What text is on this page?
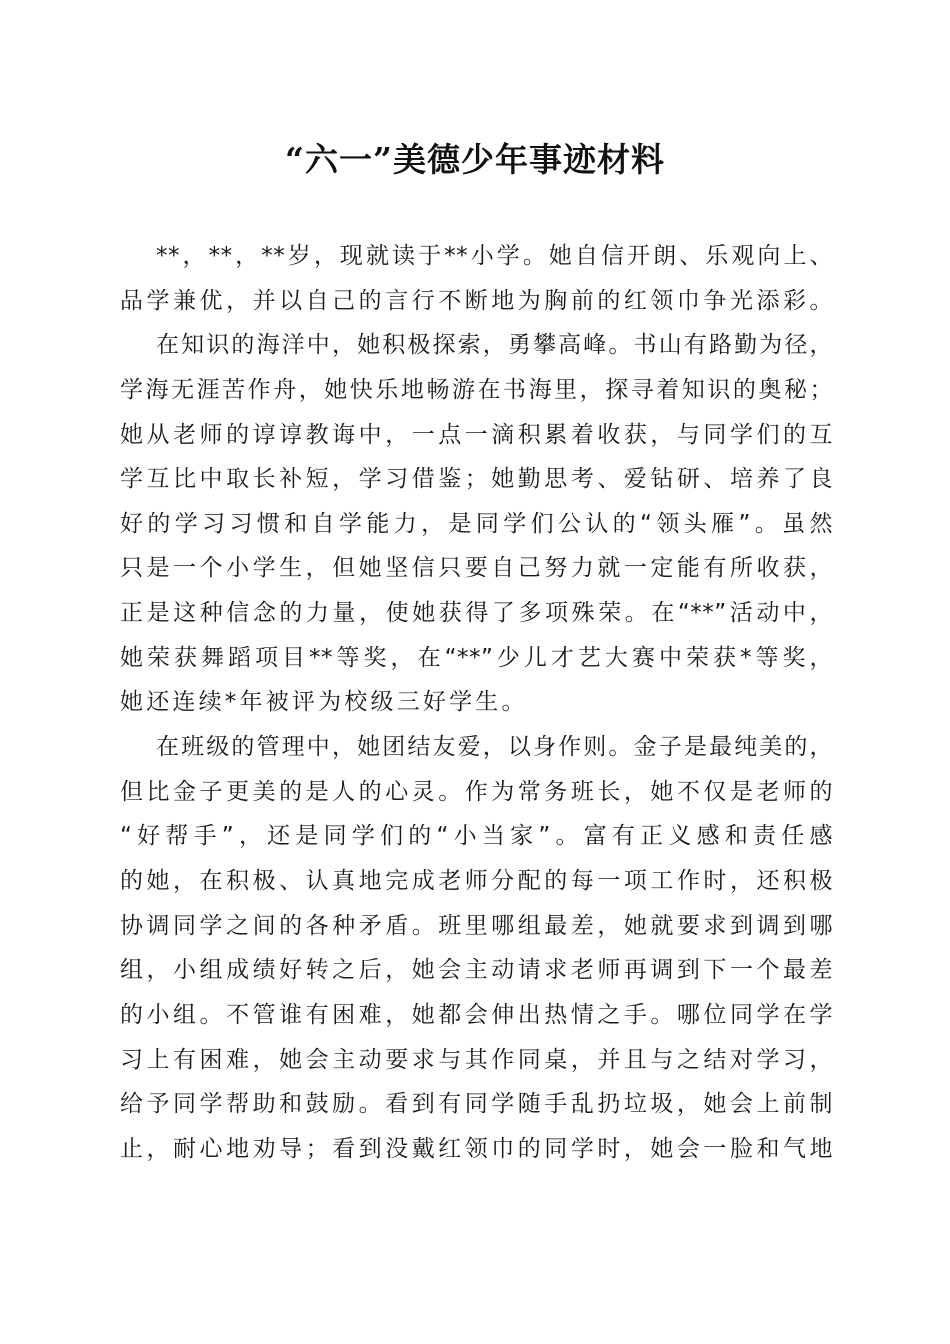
“六一”美德少年事迹材料
**，**，**岁，现就读于**小学。她自信开朗、乐观向上、
品学兼优，并以自己的言行不断地为胸前的红领巾争光添彩。
在知识的海洋中，她积极探索，勇攀高峰。书山有路勤为径，
学海无涯苦作舟，她快乐地畅游在书海里，探寻着知识的奥秘；
她从老师的谆谆教诲中，一点一滴积累着收获，与同学们的互
学互比中取长补短，学习借鉴；她勤思考、爱钻研、培养了良
好的学习习惯和自学能力，是同学们公认的“领头雁”。虽然
只是一个小学生，但她坚信只要自己努力就一定能有所收获，
正是这种信念的力量，使她获得了多项殊荣。在“**”活动中，
她荣获舞蹈项目**等奖，在“**”少儿才艺大赛中荣获*等奖，
她还连续*年被评为校级三好学生。
在班级的管理中，她团结友爱，以身作则。金子是最纯美的，
但比金子更美的是人的心灵。作为常务班长，她不仅是老师的
“好帮手”，还是同学们的“小当家”。富有正义感和责任感
的她，在积极、认真地完成老师分配的每一项工作时，还积极
协调同学之间的各种矛盾。班里哪组最差，她就要求到调到哪
组，小组成绩好转之后，她会主动请求老师再调到下一个最差
的小组。不管谁有困难，她都会伸出热情之手。哪位同学在学
习上有困难，她会主动要求与其作同桌，并且与之结对学习，
给予同学帮助和鼓励。看到有同学随手乱扔垃圾，她会上前制
止，耐心地劝导；看到没戴红领巾的同学时，她会一脸和气地
